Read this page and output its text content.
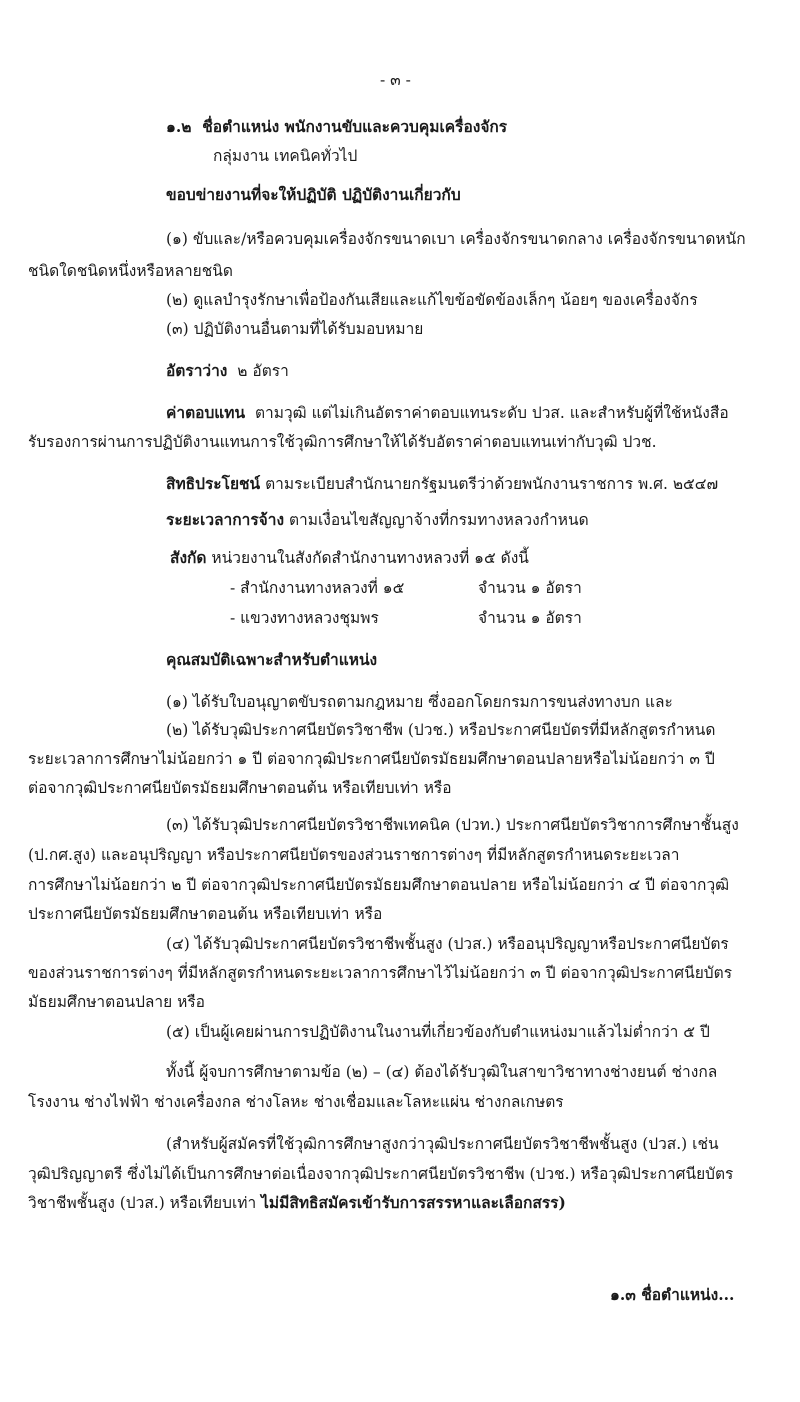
- ๓ -
๑.๒ ชื่อตำแหน่ง พนักงานขับและควบคุมเครื่องจักร
กลุ่มงาน เทคนิคทั่วไป
ขอบข่ายงานที่จะให้ปฏิบัติ ปฏิบัติงานเกี่ยวกับ
(๑) ขับและ/หรือควบคุมเครื่องจักรขนาดเบา เครื่องจักรขนาดกลาง เครื่องจักรขนาดหนัก
ชนิดใดชนิดหนึ่งหรือหลายชนิด
(๒) ดูแลบำรุงรักษาเพื่อป้องกันเสียและแก้ไขข้อขัดข้องเล็กๆ น้อยๆ ของเครื่องจักร
(๓) ปฏิบัติงานอื่นตามที่ได้รับมอบหมาย
อัตราว่าง ๒ อัตรา
ค่าตอบแทน ตามวุฒิ แต่ไม่เกินอัตราค่าตอบแทนระดับ ปวส. และสำหรับผู้ที่ใช้หนังสือ
รับรองการผ่านการปฏิบัติงานแทนการใช้วุฒิการศึกษาให้ได้รับอัตราค่าตอบแทนเท่ากับวุฒิ ปวช.
สิทธิประโยชน์ ตามระเบียบสำนักนายกรัฐมนตรีว่าด้วยพนักงานราชการ พ.ศ. ๒๕๔๗
ระยะเวลาการจ้าง ตามเงื่อนไขสัญญาจ้างที่กรมทางหลวงกำหนด
สังกัด หน่วยงานในสังกัดสำนักงานทางหลวงที่ ๑๕ ดังนี้
- สำนักงานทางหลวงที่ ๑๕	จำนวน ๑ อัตรา
- แขวงทางหลวงชุมพร	จำนวน ๑ อัตรา
คุณสมบัติเฉพาะสำหรับตำแหน่ง
(๑) ได้รับใบอนุญาตขับรถตามกฎหมาย ซึ่งออกโดยกรมการขนส่งทางบก และ
(๒) ได้รับวุฒิประกาศนียบัตรวิชาชีพ (ปวช.) หรือประกาศนียบัตรที่มีหลักสูตรกำหนด
ระยะเวลาการศึกษาไม่น้อยกว่า ๑ ปี ต่อจากวุฒิประกาศนียบัตรมัธยมศึกษาตอนปลายหรือไม่น้อยกว่า ๓ ปี
ต่อจากวุฒิประกาศนียบัตรมัธยมศึกษาตอนต้น หรือเทียบเท่า หรือ
(๓) ได้รับวุฒิประกาศนียบัตรวิชาชีพเทคนิค (ปวท.) ประกาศนียบัตรวิชาการศึกษาชั้นสูง
(ป.กศ.สูง) และอนุปริญญา หรือประกาศนียบัตรของส่วนราชการต่างๆ ที่มีหลักสูตรกำหนดระยะเวลา
การศึกษาไม่น้อยกว่า ๒ ปี ต่อจากวุฒิประกาศนียบัตรมัธยมศึกษาตอนปลาย หรือไม่น้อยกว่า ๔ ปี ต่อจากวุฒิ
ประกาศนียบัตรมัธยมศึกษาตอนต้น หรือเทียบเท่า หรือ
(๔) ได้รับวุฒิประกาศนียบัตรวิชาชีพชั้นสูง (ปวส.) หรืออนุปริญญาหรือประกาศนียบัตร
ของส่วนราชการต่างๆ ที่มีหลักสูตรกำหนดระยะเวลาการศึกษาไว้ไม่น้อยกว่า ๓ ปี ต่อจากวุฒิประกาศนียบัตร
มัธยมศึกษาตอนปลาย หรือ
(๕) เป็นผู้เคยผ่านการปฏิบัติงานในงานที่เกี่ยวข้องกับตำแหน่งมาแล้วไม่ต่ำกว่า ๕ ปี
ทั้งนี้ ผู้จบการศึกษาตามข้อ (๒) – (๔) ต้องได้รับวุฒิในสาขาวิชาทางช่างยนต์ ช่างกล
โรงงาน ช่างไฟฟ้า ช่างเครื่องกล ช่างโลหะ ช่างเชื่อมและโลหะแผ่น ช่างกลเกษตร
(สำหรับผู้สมัครที่ใช้วุฒิการศึกษาสูงกว่าวุฒิประกาศนียบัตรวิชาชีพชั้นสูง (ปวส.) เช่น
วุฒิปริญญาตรี ซึ่งไม่ได้เป็นการศึกษาต่อเนื่องจากวุฒิประกาศนียบัตรวิชาชีพ (ปวช.) หรือวุฒิประกาศนียบัตร
วิชาชีพชั้นสูง (ปวส.) หรือเทียบเท่า ไม่มีสิทธิสมัครเข้ารับการสรรหาและเลือกสรร)
๑.๓ ชื่อตำแหน่ง...
